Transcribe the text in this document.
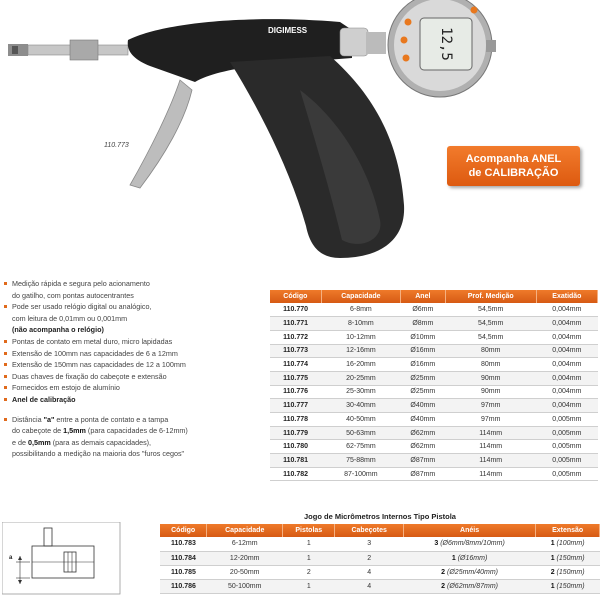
DIGIMESS	12,5
110.773
Acompanha ANEL
de CALIBRAÇÃO
Medição rápida e segura pelo acionamento
do gatilho, com pontas autocentrantes
Pode ser usado relógio digital ou analógico,
com leitura de 0,01mm ou 0,001mm
(não acompanha o relógio)
Pontas de contato em metal duro, micro lapidadas
Extensão de 100mm nas capacidades de 6 a 12mm
Extensão de 150mm nas capacidades de 12 a 100mm
Duas chaves de fixação do cabeçote e extensão
Fornecidos em estojo de alumínio
Anel de calibração
Distância "a" entre a ponta de contato e a tampa
do cabeçote de 1,5mm (para capacidades de 6-12mm)
e de 0,5mm (para as demais capacidades),
possibilitando a medição na maioria dos "furos cegos"
Código	Capacidade	Anel	Prof. Medição	Exatidão
110.770	6-8mm	Ø6mm	54,5mm	0,004mm
110.771	8-10mm	Ø8mm	54,5mm	0,004mm
110.772	10-12mm	Ø10mm	54,5mm	0,004mm
110.773	12-16mm	Ø16mm	80mm	0,004mm
110.774	16-20mm	Ø16mm	80mm	0,004mm
110.775	20-25mm	Ø25mm	90mm	0,004mm
110.776	25-30mm	Ø25mm	90mm	0,004mm
110.777	30-40mm	Ø40mm	97mm	0,004mm
110.778	40-50mm	Ø40mm	97mm	0,005mm
110.779	50-63mm	Ø62mm	114mm	0,005mm
110.780	62-75mm	Ø62mm	114mm	0,005mm
110.781	75-88mm	Ø87mm	114mm	0,005mm
110.782	87-100mm	Ø87mm	114mm	0,005mm
Jogo de Micrômetros Internos Tipo Pistola
Código	Capacidade	Pistolas	Cabeçotes	Anéis	Extensão
110.783	6-12mm	1	3	3 (Ø6mm/8mm/10mm)	1 (100mm)
110.784	12-20mm	1	2	1 (Ø16mm)	1 (150mm)
110.785	20-50mm	2	4	2 (Ø25mm/40mm)	2 (150mm)
110.786	50-100mm	1	4	2 (Ø62mm/87mm)	1 (150mm)
a
